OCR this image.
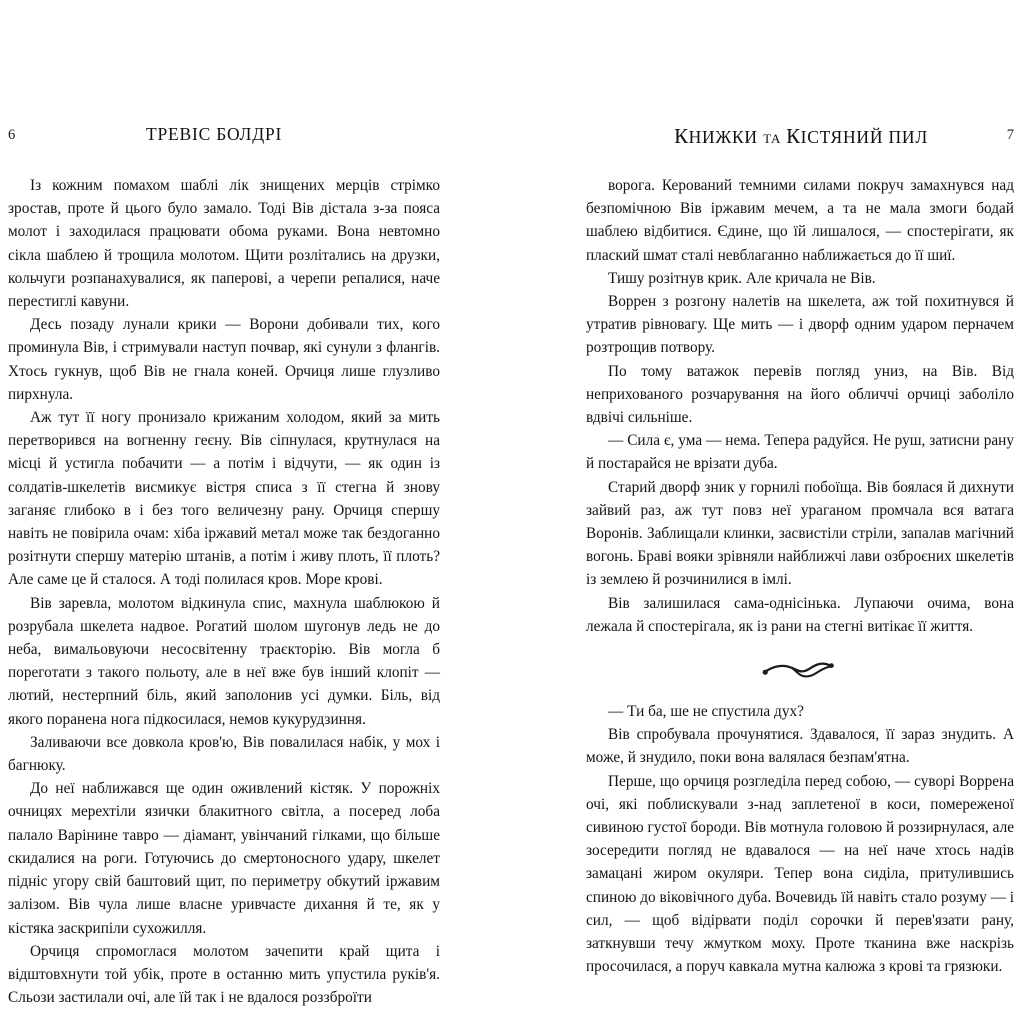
6	ТРЕВІС БОЛДРІ

Із кожним помахом шаблі лік знищених мерців стрімко зростав, проте й цього було замало. Тоді Вів дістала з-за пояса молот і заходилася працювати обома руками. Вона невтомно сікла шаблею й трощила молотом. Щити розлітались на друзки, кольчуги розпанахувалися, як паперові, а черепи репалися, наче перестиглі кавуни.

Десь позаду лунали крики — Ворони добивали тих, кого проминула Вів, і стримували наступ почвар, які сунули з флангів. Хтось гукнув, щоб Вів не гнала коней. Орчиця лише глузливо пирхнула.

Аж тут її ногу пронизало крижаним холодом, який за мить перетворився на вогненну геєну. Вів сіпнулася, крутнулася на місці й устигла побачити — а потім і відчути, — як один із солдатів-шкелетів висмикує вістря списа з її стегна й знову заганяє глибоко в і без того величезну рану. Орчиця спершу навіть не повірила очам: хіба іржавий метал може так бездоганно розітнути спершу матерію штанів, а потім і живу плоть, її плоть? Але саме це й сталося. А тоді полилася кров. Море крові.

Вів заревла, молотом відкинула спис, махнула шаблюкою й розрубала шкелета надвое. Рогатий шолом шугонув ледь не до неба, вимальовуючи несосвітенну траєкторію. Вів могла б пореготати з такого польоту, але в неї вже був інший клопіт — лютий, нестерпний біль, який заполонив усі думки. Біль, від якого поранена нога підкосилася, немов кукурудзиння.

Заливаючи все довкола кров'ю, Вів повалилася набік, у мох і багнюку.

До неї наближався ще один оживлений кістяк. У порожніх очницях мерехтіли язички блакитного світла, а посеред лоба палало Варінине тавро — діамант, увінчаний гілками, що більше скидалися на роги. Готуючись до смертоносного удару, шкелет підніс угору свій баштовий щит, по периметру обкутий іржавим залізом. Вів чула лише власне уривчасте дихання й те, як у кістяка заскрипіли сухожилля.

Орчиця спромоглася молотом зачепити край щита і відштовхнути той убік, проте в останню мить упустила руків'я. Сльози застилали очі, але їй так і не вдалося роззброїти

КНИЖКИ ТА КІСТЯНИЙ ПИЛ	7

ворога. Керований темними силами покруч замахнувся над безпомічною Вів іржавим мечем, а та не мала змоги бодай шаблею відбитися. Єдине, що їй лишалося, — спостерігати, як плаский шмат сталі невблаганно наближається до її шиї.

Тишу розітнув крик. Але кричала не Вів.

Воррен з розгону налетів на шкелета, аж той похитнувся й утратив рівновагу. Ще мить — і дворф одним ударом перначем розтрощив потвору.

По тому ватажок перевів погляд униз, на Вів. Від неприхованого розчарування на його обличчі орчиці заболіло вдвічі сильніше.

— Сила є, ума — нема. Тепера радуйся. Не руш, затисни рану й постарайся не врізати дуба.

Старий дворф зник у горнилі побоїща. Вів боялася й дихнути зайвий раз, аж тут повз неї ураганом промчала вся ватага Воронів. Заблищали клинки, засвистіли стріли, запалав магічний вогонь. Браві вояки зрівняли найближчі лави озброєних шкелетів із землею й розчинилися в імлі.

Вів залишилася сама-однісінька. Лупаючи очима, вона лежала й спостерігала, як із рани на стегні витікає її життя.

— Ти ба, ше не спустила дух?

Вів спробувала прочунятися. Здавалося, її зараз знудить. А може, й знудило, поки вона валялася безпам'ятна.

Перше, що орчиця розгледіла перед собою, — суворі Воррена очі, які поблискували з-над заплетеної в коси, помереженої сивиною густої бороди. Вів мотнула головою й роззирнулася, але зосередити погляд не вдавалося — на неї наче хтось надів замацані жиром окуляри. Тепер вона сиділа, притулившись спиною до віковічного дуба. Вочевидь їй навіть стало розуму — і сил, — щоб відірвати поділ сорочки й перев'язати рану, заткнувши течу жмутком моху. Проте тканина вже наскрізь просочилася, а поруч кавкала мутна калюжа з крові та грязюки.
